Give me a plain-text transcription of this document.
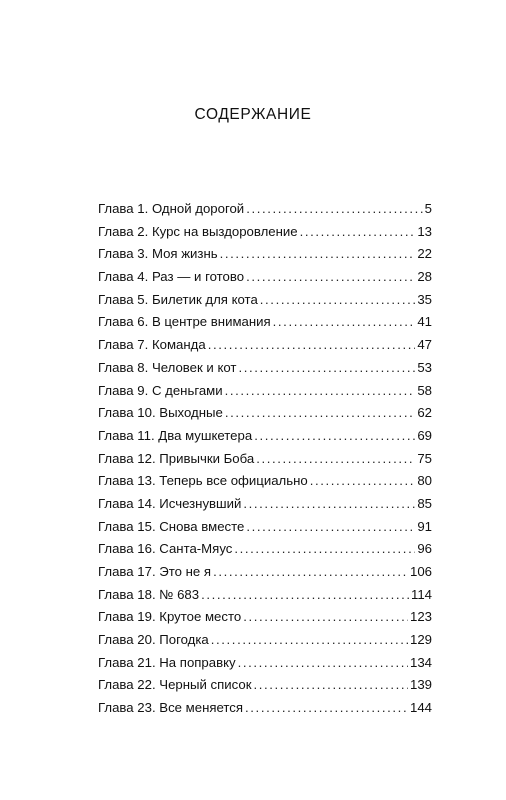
СОДЕРЖАНИЕ
Глава 1. Одной дорогой .....	5
Глава 2. Курс на выздоровление .....	13
Глава 3. Моя жизнь .....	22
Глава 4. Раз — и готово .....	28
Глава 5. Билетик для кота .....	35
Глава 6. В центре внимания .....	41
Глава 7. Команда .....	47
Глава 8. Человек и кот .....	53
Глава 9. С деньгами .....	58
Глава 10. Выходные .....	62
Глава 11. Два мушкетера .....	69
Глава 12. Привычки Боба .....	75
Глава 13. Теперь все официально .....	80
Глава 14. Исчезнувший .....	85
Глава 15. Снова вместе .....	91
Глава 16. Санта-Мяус .....	96
Глава 17. Это не я .....	106
Глава 18. № 683 .....	114
Глава 19. Крутое место .....	123
Глава 20. Погодка .....	129
Глава 21. На поправку .....	134
Глава 22. Черный список .....	139
Глава 23. Все меняется .....	144
